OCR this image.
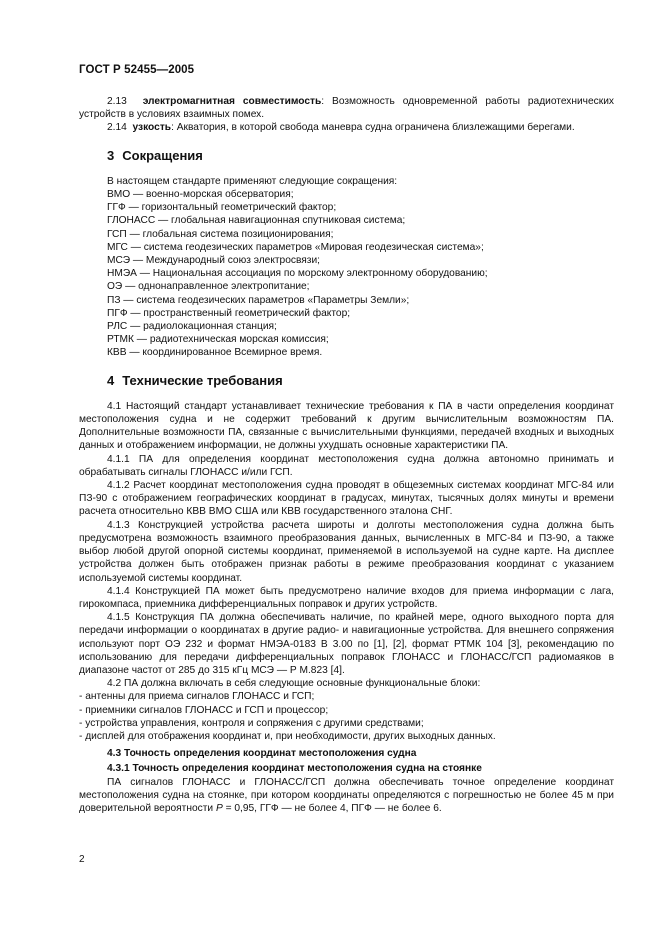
ГОСТ Р 52455—2005

2.13 электромагнитная совместимость: Возможность одновременной работы радиотехнических устройств в условиях взаимных помех.

2.14 узкость: Акватория, в которой свобода маневра судна ограничена близлежащими берегами.

3 Сокращения

В настоящем стандарте применяют следующие сокращения:

ВМО — военно-морская обсерватория;

ГГФ — горизонтальный геометрический фактор;

ГЛОНАСС — глобальная навигационная спутниковая система;

ГСП — глобальная система позиционирования;

МГС — система геодезических параметров «Мировая геодезическая система»;

МСЭ — Международный союз электросвязи;

НМЭА — Национальная ассоциация по морскому электронному оборудованию;

ОЭ — однонаправленное электропитание;

ПЗ — система геодезических параметров «Параметры Земли»;

ПГФ — пространственный геометрический фактор;

РЛС — радиолокационная станция;

РТМК — радиотехническая морская комиссия;

КВВ — координированное Всемирное время.

4 Технические требования

4.1 Настоящий стандарт устанавливает технические требования к ПА в части определения координат местоположения судна и не содержит требований к другим вычислительным возможностям ПА. Дополнительные возможности ПА, связанные с вычислительными функциями, передачей входных и выходных данных и отображением информации, не должны ухудшать основные характеристики ПА.

4.1.1 ПА для определения координат местоположения судна должна автономно принимать и обрабатывать сигналы ГЛОНАСС и/или ГСП.

4.1.2 Расчет координат местоположения судна проводят в общеземных системах координат МГС-84 или ПЗ-90 с отображением географических координат в градусах, минутах, тысячных долях минуты и времени расчета относительно КВВ ВМО США или КВВ государственного эталона СНГ.

4.1.3 Конструкцией устройства расчета широты и долготы местоположения судна должна быть предусмотрена возможность взаимного преобразования данных, вычисленных в МГС-84 и ПЗ-90, а также выбор любой другой опорной системы координат, применяемой в используемой на судне карте. На дисплее устройства должен быть отображен признак работы в режиме преобразования координат с указанием используемой системы координат.

4.1.4 Конструкцией ПА может быть предусмотрено наличие входов для приема информации с лага, гирокомпаса, приемника дифференциальных поправок и других устройств.

4.1.5 Конструкция ПА должна обеспечивать наличие, по крайней мере, одного выходного порта для передачи информации о координатах в другие радио- и навигационные устройства. Для внешнего сопряжения используют порт ОЭ 232 и формат НМЭА-0183 В 3.00 по [1], [2], формат РТМК 104 [3], рекомендацию по использованию для передачи дифференциальных поправок ГЛОНАСС и ГЛОНАСС/ГСП радиомаяков в диапазоне частот от 285 до 315 кГц МСЭ — Р М.823 [4].

4.2 ПА должна включать в себя следующие основные функциональные блоки:

- антенны для приема сигналов ГЛОНАСС и ГСП;

- приемники сигналов ГЛОНАСС и ГСП и процессор;

- устройства управления, контроля и сопряжения с другими средствами;

- дисплей для отображения координат и, при необходимости, других выходных данных.

4.3 Точность определения координат местоположения судна

4.3.1 Точность определения координат местоположения судна на стоянке

ПА сигналов ГЛОНАСС и ГЛОНАСС/ГСП должна обеспечивать точное определение координат местоположения судна на стоянке, при котором координаты определяются с погрешностью не более 45 м при доверительной вероятности Р = 0,95, ГГФ — не более 4, ПГФ — не более 6.

2
